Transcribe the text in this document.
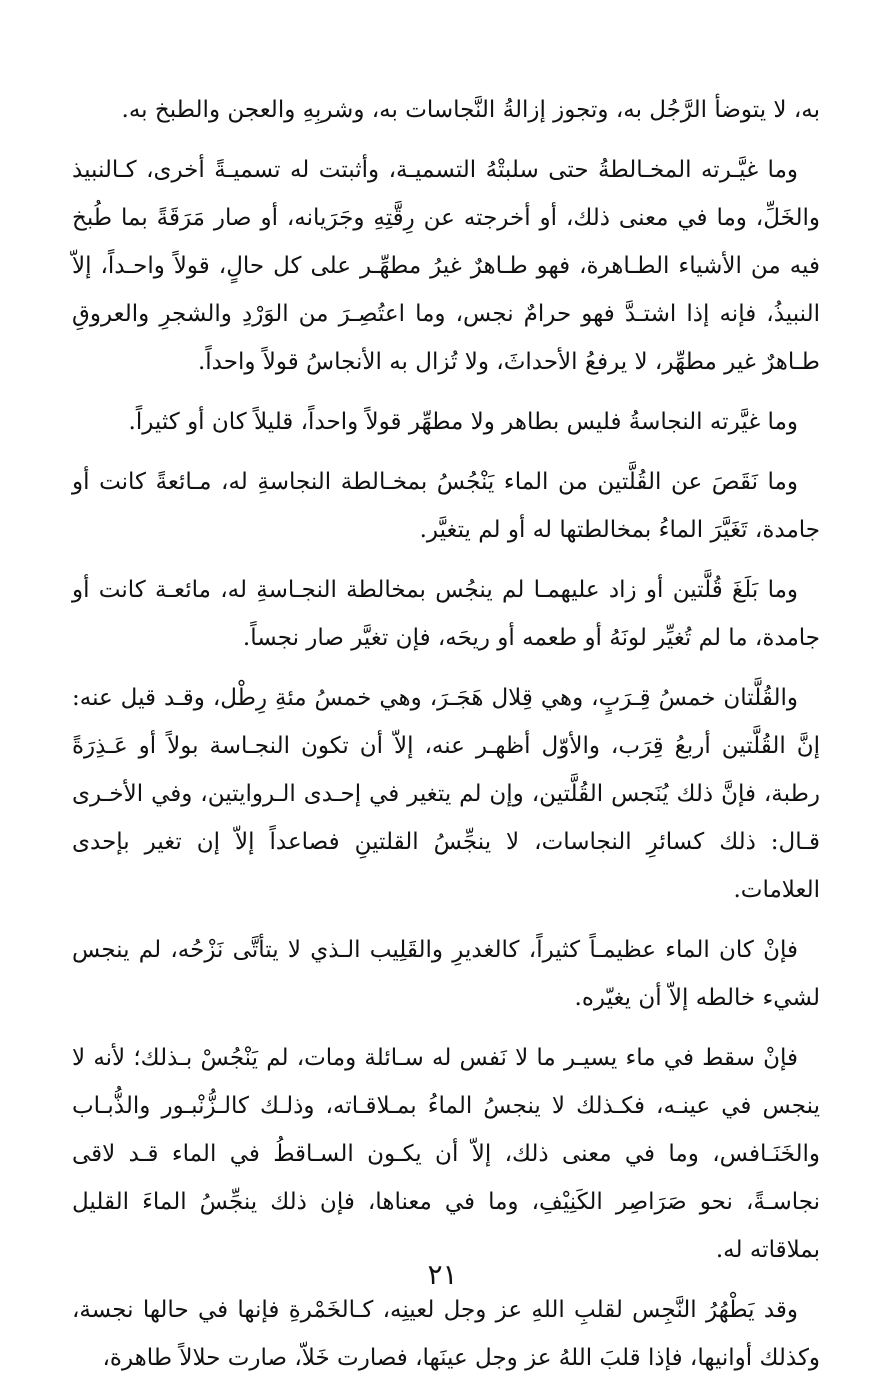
به، لا يتوضأ الرَّجُل به، وتجوز إزالةُ النَّجاسات به، وشربِهِ والعجن والطبخ به.

وما غيَّـرته المخـالطةُ حتى سلبتْهُ التسميـة، وأثبتت له تسميـةً أخرى، كـالنبيذ والخَلِّ، وما في معنى ذلك، أو أخرجته عن رِقَّتِهِ وجَرَيانه، أو صار مَرَقَةً بما طُبخ فيه من الأشياء الطـاهرة، فهو طـاهرٌ غيرُ مطهِّـر على كل حالٍ، قولاً واحـداً، إلاّ النبيذُ، فإنه إذا اشتـدَّ فهو حرامٌ نجس، وما اعتُصِـرَ من الوَرْدِ والشجرِ والعروقِ طـاهرٌ غير مطهِّر، لا يرفعُ الأحداثَ، ولا تُزال به الأنجاسُ قولاً واحداً.

وما غيَّرته النجاسةُ فليس بطاهر ولا مطهِّر قولاً واحداً، قليلاً كان أو كثيراً.

وما نَقَصَ عن القُلَّتين من الماء يَنْجُسُ بمخـالطة النجاسةِ له، مـائعةً كانت أو جامدة، تَغَيَّرَ الماءُ بمخالطتها له أو لم يتغيَّر.

وما بَلَغَ قُلَّتين أو زاد عليهمـا لم ينجُس بمخالطة النجـاسةِ له، مائعـة كانت أو جامدة، ما لم تُغيِّر لونَهُ أو طعمه أو ريحَه، فإن تغيَّر صار نجساً.

والقُلَّتان خمسُ قِـرَبٍ، وهي قِلال هَجَـرَ، وهي خمسُ مئةِ رِطْل، وقـد قيل عنه: إنَّ القُلَّتين أربعُ قِرَب، والأوّل أظهـر عنه، إلاّ أن تكون النجـاسة بولاً أو عَـذِرَةً رطبة، فإنَّ ذلك يُنَجس القُلَّتين، وإن لم يتغير في إحـدى الـروايتين، وفي الأخـرى قـال: ذلك كسائرِ النجاسات، لا ينجِّسُ القلتينِ فصاعداً إلاّ إن تغير بإحدى العلامات.

فإنْ كان الماء عظيمـاً كثيراً، كالغديرِ والقَلِيب الـذي لا يتأتَّى نَزْحُه، لم ينجس لشيء خالطه إلاّ أن يغيّره.

فإنْ سقط في ماء يسيـر ما لا نَفس له سـائلة ومات، لم يَنْجُسْ بـذلك؛ لأنه لا ينجس في عينـه، فكـذلك لا ينجسُ الماءُ بمـلاقـاته، وذلـك كالـزُّنْبـور والذُّبـاب والخَنَـافس، وما في معنى ذلك، إلاّ أن يكـون السـاقطُ في الماء قـد لاقى نجاسـةً، نحو صَرَاصِر الكَنِيْفِ، وما في معناها، فإن ذلك ينجِّسُ الماءَ القليل بملاقاته له.

وقد يَطْهُرُ النَّجِس لقلبِ اللهِ عز وجل لعينِه، كـالخَمْرةِ فإنها في حالها نجسة، وكذلك أوانيها، فإذا قلبَ اللهُ عز وجل عينَها، فصارت خَلاّ، صارت حلالاً طاهرة،

٢١
